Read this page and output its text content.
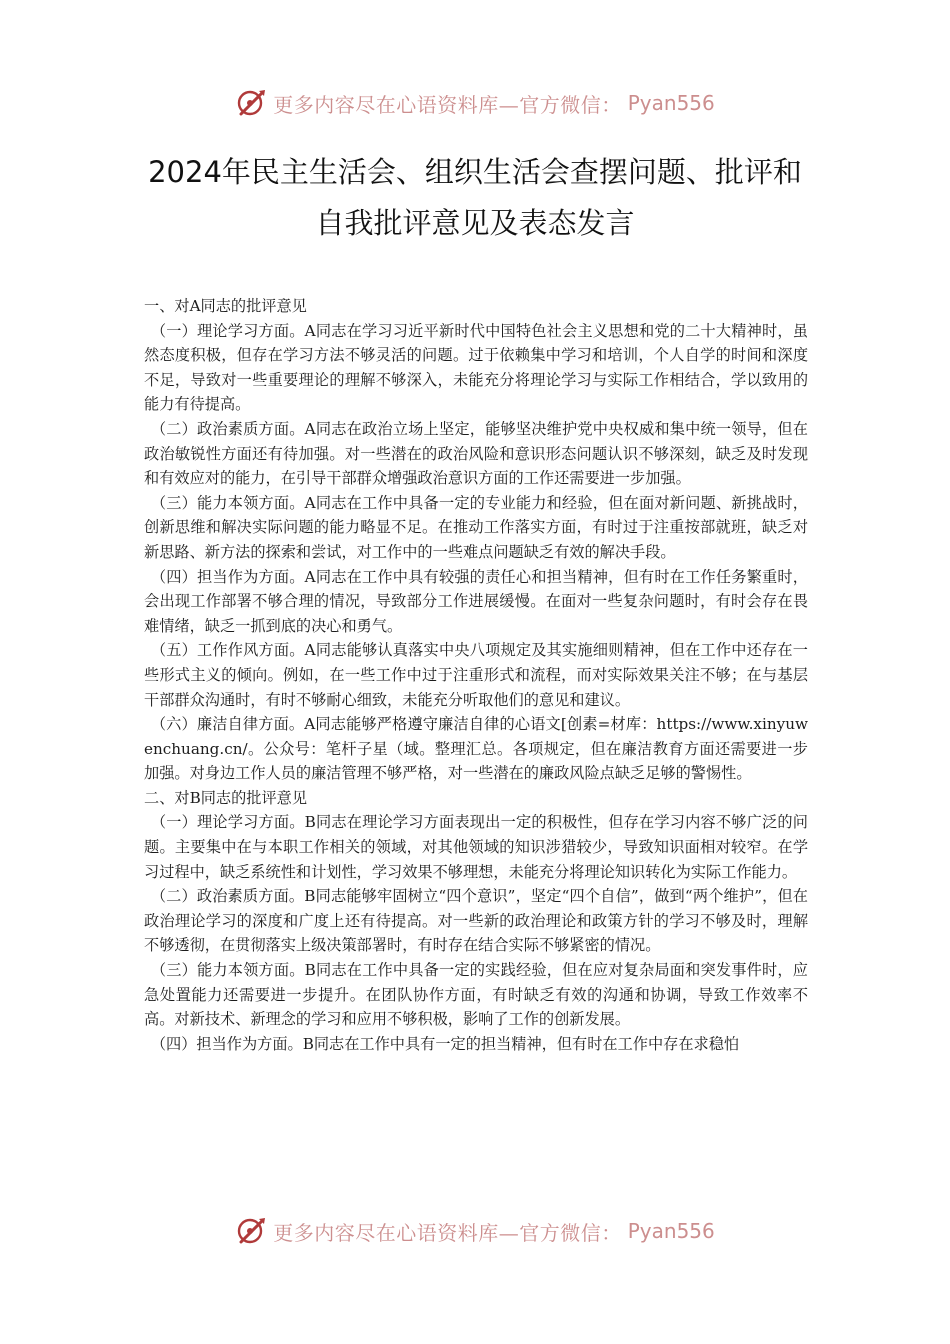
更多内容尽在心语资料库—官方微信： Pyan556
2024年民主生活会、组织生活会查摆问题、批评和
自我批评意见及表态发言

一、对A同志的批评意见

（一）理论学习方面。A同志在学习习近平新时代中国特色社会主义思想和党的二十大精神时，虽然态度积极，但存在学习方法不够灵活的问题。过于依赖集中学习和培训，个人自学的时间和深度不足，导致对一些重要理论的理解不够深入，未能充分将理论学习与实际工作相结合，学以致用的能力有待提高。

（二）政治素质方面。A同志在政治立场上坚定，能够坚决维护党中央权威和集中统一领导，但在政治敏锐性方面还有待加强。对一些潜在的政治风险和意识形态问题认识不够深刻，缺乏及时发现和有效应对的能力，在引导干部群众增强政治意识方面的工作还需要进一步加强。

（三）能力本领方面。A同志在工作中具备一定的专业能力和经验，但在面对新问题、新挑战时，创新思维和解决实际问题的能力略显不足。在推动工作落实方面，有时过于注重按部就班，缺乏对新思路、新方法的探索和尝试，对工作中的一些难点问题缺乏有效的解决手段。

（四）担当作为方面。A同志在工作中具有较强的责任心和担当精神，但有时在工作任务繁重时，会出现工作部署不够合理的情况，导致部分工作进展缓慢。在面对一些复杂问题时，有时会存在畏难情绪，缺乏一抓到底的决心和勇气。

（五）工作作风方面。A同志能够认真落实中央八项规定及其实施细则精神，但在工作中还存在一些形式主义的倾向。例如，在一些工作中过于注重形式和流程，而对实际效果关注不够；在与基层干部群众沟通时，有时不够耐心细致，未能充分听取他们的意见和建议。

（六）廉洁自律方面。A同志能够严格遵守廉洁自律的心语文[创素=材库：https://www.xinyuwenchuang.cn/。公众号：笔杆子星（域。整理汇总。各项规定，但在廉洁教育方面还需要进一步加强。对身边工作人员的廉洁管理不够严格，对一些潜在的廉政风险点缺乏足够的警惕性。

二、对B同志的批评意见

（一）理论学习方面。B同志在理论学习方面表现出一定的积极性，但存在学习内容不够广泛的问题。主要集中在与本职工作相关的领域，对其他领域的知识涉猎较少，导致知识面相对较窄。在学习过程中，缺乏系统性和计划性，学习效果不够理想，未能充分将理论知识转化为实际工作能力。

（二）政治素质方面。B同志能够牢固树立“四个意识”，坚定“四个自信”，做到“两个维护”，但在政治理论学习的深度和广度上还有待提高。对一些新的政治理论和政策方针的学习不够及时，理解不够透彻，在贯彻落实上级决策部署时，有时存在结合实际不够紧密的情况。

（三）能力本领方面。B同志在工作中具备一定的实践经验，但在应对复杂局面和突发事件时，应急处置能力还需要进一步提升。在团队协作方面，有时缺乏有效的沟通和协调，导致工作效率不高。对新技术、新理念的学习和应用不够积极，影响了工作的创新发展。

（四）担当作为方面。B同志在工作中具有一定的担当精神，但有时在工作中存在求稳怕

更多内容尽在心语资料库—官方微信： Pyan556
